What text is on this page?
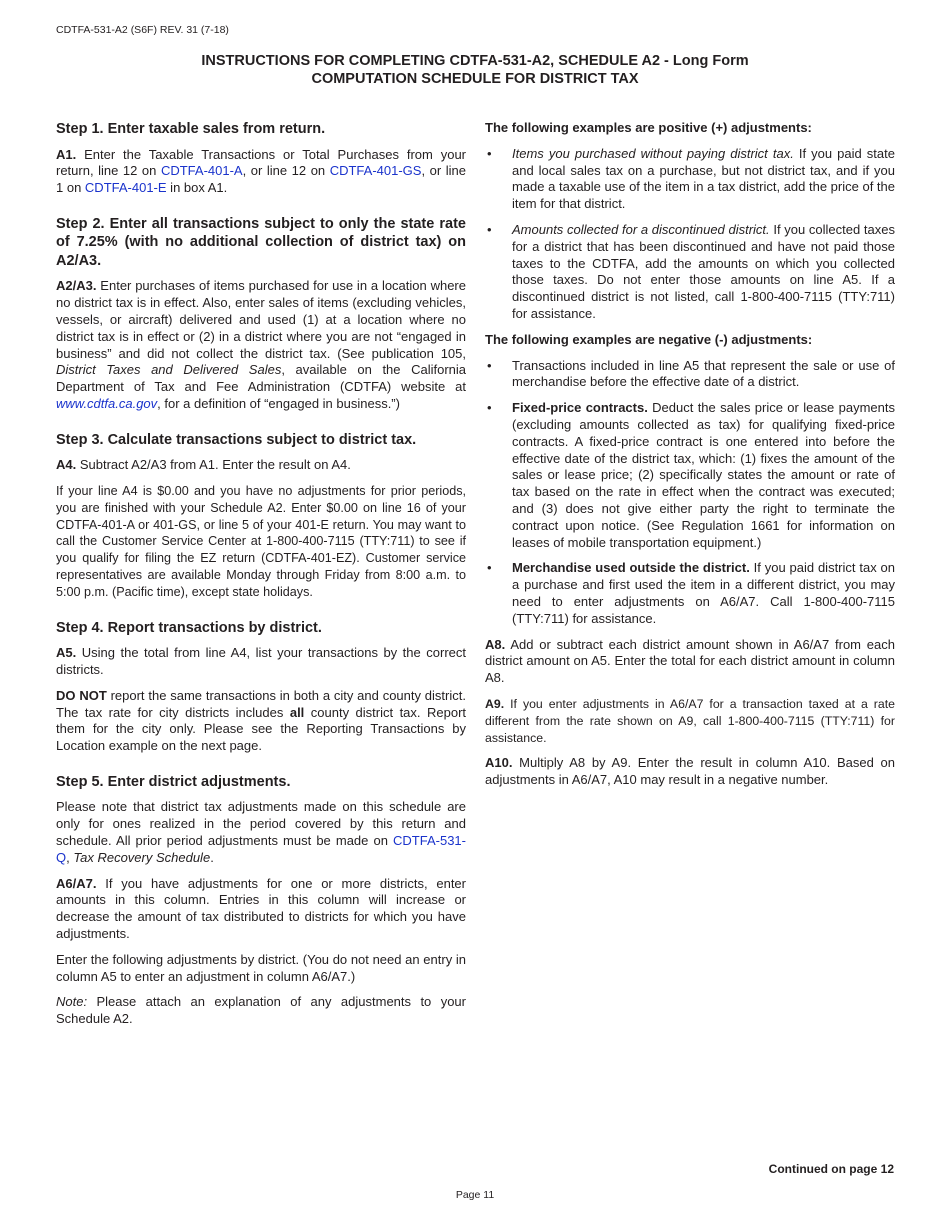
CDTFA-531-A2 (S6F) REV. 31 (7-18)
INSTRUCTIONS FOR COMPLETING CDTFA-531-A2, SCHEDULE A2 - Long Form
COMPUTATION SCHEDULE FOR DISTRICT TAX
Step 1. Enter taxable sales from return.

A1. Enter the Taxable Transactions or Total Purchases from your return, line 12 on CDTFA-401-A, or line 12 on CDTFA-401-GS, or line 1 on CDTFA-401-E in box A1.

Step 2. Enter all transactions subject to only the state rate of 7.25% (with no additional collection of district tax) on A2/A3.

A2/A3. Enter purchases of items purchased for use in a location where no district tax is in effect. Also, enter sales of items (excluding vehicles, vessels, or aircraft) delivered and used (1) at a location where no district tax is in effect or (2) in a district where you are not “engaged in business” and did not collect the district tax. (See publication 105, District Taxes and Delivered Sales, available on the California Department of Tax and Fee Administration (CDTFA) website at www.cdtfa.ca.gov, for a definition of “engaged in business.”)

Step 3. Calculate transactions subject to district tax.

A4. Subtract A2/A3 from A1. Enter the result on A4.

If your line A4 is $0.00 and you have no adjustments for prior periods, you are finished with your Schedule A2. Enter $0.00 on line 16 of your CDTFA-401-A or 401-GS, or line 5 of your 401-E return. You may want to call the Customer Service Center at 1-800-400-7115 (TTY:711) to see if you qualify for filing the EZ return (CDTFA-401-EZ). Customer service representatives are available Monday through Friday from 8:00 a.m. to 5:00 p.m. (Pacific time), except state holidays.

Step 4. Report transactions by district.

A5. Using the total from line A4, list your transactions by the correct districts.

DO NOT report the same transactions in both a city and county district. The tax rate for city districts includes all county district tax. Report them for the city only. Please see the Reporting Transactions by Location example on the next page.

Step 5. Enter district adjustments.

Please note that district tax adjustments made on this schedule are only for ones realized in the period covered by this return and schedule. All prior period adjustments must be made on CDTFA-531-Q, Tax Recovery Schedule.

A6/A7. If you have adjustments for one or more districts, enter amounts in this column. Entries in this column will increase or decrease the amount of tax distributed to districts for which you have adjustments.

Enter the following adjustments by district. (You do not need an entry in column A5 to enter an adjustment in column A6/A7.)

Note: Please attach an explanation of any adjustments to your Schedule A2.

The following examples are positive (+) adjustments:

• Items you purchased without paying district tax. If you paid state and local sales tax on a purchase, but not district tax, and if you made a taxable use of the item in a tax district, add the price of the item for that district.
• Amounts collected for a discontinued district. If you collected taxes for a district that has been discontinued and have not paid those taxes to the CDTFA, add the amounts on which you collected those taxes. Do not enter those amounts on line A5. If a discontinued district is not listed, call 1-800-400-7115 (TTY:711) for assistance.

The following examples are negative (-) adjustments:

• Transactions included in line A5 that represent the sale or use of merchandise before the effective date of a district.
• Fixed-price contracts. Deduct the sales price or lease payments (excluding amounts collected as tax) for qualifying fixed-price contracts. A fixed-price contract is one entered into before the effective date of the district tax, which: (1) fixes the amount of the sales or lease price; (2) specifically states the amount or rate of tax based on the rate in effect when the contract was executed; and (3) does not give either party the right to terminate the contract upon notice. (See Regulation 1661 for information on leases of mobile transportation equipment.)
• Merchandise used outside the district. If you paid district tax on a purchase and first used the item in a different district, you may need to enter adjustments on A6/A7. Call 1-800-400-7115 (TTY:711) for assistance.

A8. Add or subtract each district amount shown in A6/A7 from each district amount on A5. Enter the total for each district amount in column A8.

A9. If you enter adjustments in A6/A7 for a transaction taxed at a rate different from the rate shown on A9, call 1-800-400-7115 (TTY:711) for assistance.

A10. Multiply A8 by A9. Enter the result in column A10. Based on adjustments in A6/A7, A10 may result in a negative number.

Continued on page 12
Page 11
